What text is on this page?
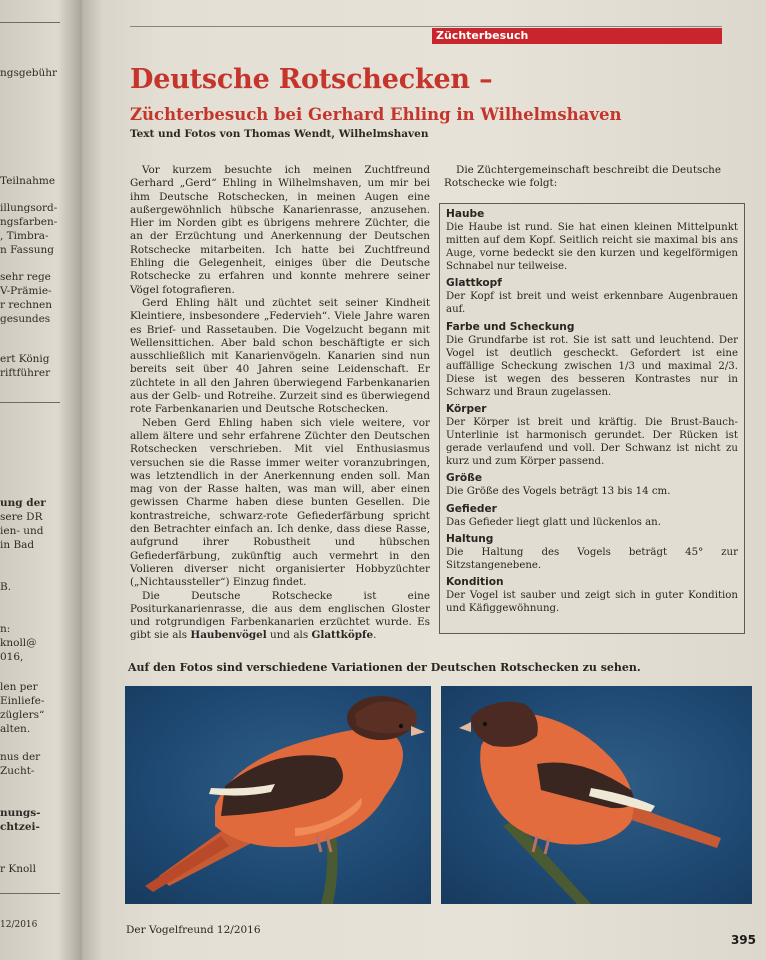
ngsgebühr
Teilnahme
illungsord-
ngsfarben-
, Timbra-
n Fassung
sehr rege
V-Prämie-
r rechnen
gesundes
ert König
riftführer
ung der
sere DR
ien- und
in Bad
B.
n:
knoll@
016,
len per
Einliefe-
züglers“
alten.
nus der
Zucht-
nungs-
chtzei-
r Knoll
12/2016
Züchterbesuch
Deutsche Rotschecken –
Züchterbesuch bei Gerhard Ehling in Wilhelmshaven
Text und Fotos von Thomas Wendt, Wilhelmshaven

Vor kurzem besuchte ich meinen Zuchtfreund Gerhard „Gerd“ Ehling in Wilhelmshaven, um mir bei ihm Deutsche Rotschecken, in meinen Augen eine außergewöhnlich hübsche Kanarienrasse, anzusehen. Hier im Norden gibt es übrigens mehrere Züchter, die an der Erzüchtung und Anerkennung der Deutschen Rotschecke mitarbeiten. Ich hatte bei Zuchtfreund Ehling die Gelegenheit, einiges über die Deutsche Rotschecke zu erfahren und konnte mehrere seiner Vögel fotografieren.

Gerd Ehling hält und züchtet seit seiner Kindheit Kleintiere, insbesondere „Federvieh“. Viele Jahre waren es Brief- und Rassetauben. Die Vogelzucht begann mit Wellensittichen. Aber bald schon beschäftigte er sich ausschließlich mit Kanarienvögeln. Kanarien sind nun bereits seit über 40 Jahren seine Leidenschaft. Er züchtete in all den Jahren überwiegend Farbenkanarien aus der Gelb- und Rotreihe. Zurzeit sind es überwiegend rote Farbenkanarien und Deutsche Rotschecken.

Neben Gerd Ehling haben sich viele weitere, vor allem ältere und sehr erfahrene Züchter den Deutschen Rotschecken verschrieben. Mit viel Enthusiasmus versuchen sie die Rasse immer weiter voranzubringen, was letztendlich in der Anerkennung enden soll. Man mag von der Rasse halten, was man will, aber einen gewissen Charme haben diese bunten Gesellen. Die kontrastreiche, schwarz-rote Gefiederfärbung spricht den Betrachter einfach an. Ich denke, dass diese Rasse, aufgrund ihrer Robustheit und hübschen Gefiederfärbung, zukünftig auch vermehrt in den Volieren diverser nicht organisierter Hobbyzüchter („Nichtaussteller“) Einzug findet.

Die Deutsche Rotschecke ist eine Positurkanarienrasse, die aus dem englischen Gloster und rotgrundigen Farbenkanarien erzüchtet wurde. Es gibt sie als Haubenvögel und als Glattköpfe.

Die Züchtergemeinschaft beschreibt die Deutsche Rotschecke wie folgt:
Haube
Die Haube ist rund. Sie hat einen kleinen Mittelpunkt mitten auf dem Kopf. Seitlich reicht sie maximal bis ans Auge, vorne bedeckt sie den kurzen und kegelförmigen Schnabel nur teilweise.
Glattkopf
Der Kopf ist breit und weist erkennbare Augenbrauen auf.
Farbe und Scheckung
Die Grundfarbe ist rot. Sie ist satt und leuchtend. Der Vogel ist deutlich gescheckt. Gefordert ist eine auffällige Scheckung zwischen 1/3 und maximal 2/3. Diese ist wegen des besseren Kontrastes nur in Schwarz und Braun zugelassen.
Körper
Der Körper ist breit und kräftig. Die Brust-Bauch-Unterlinie ist harmonisch gerundet. Der Rücken ist gerade verlaufend und voll. Der Schwanz ist nicht zu kurz und zum Körper passend.
Größe
Die Größe des Vogels beträgt 13 bis 14 cm.
Gefieder
Das Gefieder liegt glatt und lückenlos an.
Haltung
Die Haltung des Vogels beträgt 45° zur Sitzstangenebene.
Kondition
Der Vogel ist sauber und zeigt sich in guter Kondition und Käfiggewöhnung.
Auf den Fotos sind verschiedene Variationen der Deutschen Rotschecken zu sehen.
Der Vogelfreund 12/2016
395
